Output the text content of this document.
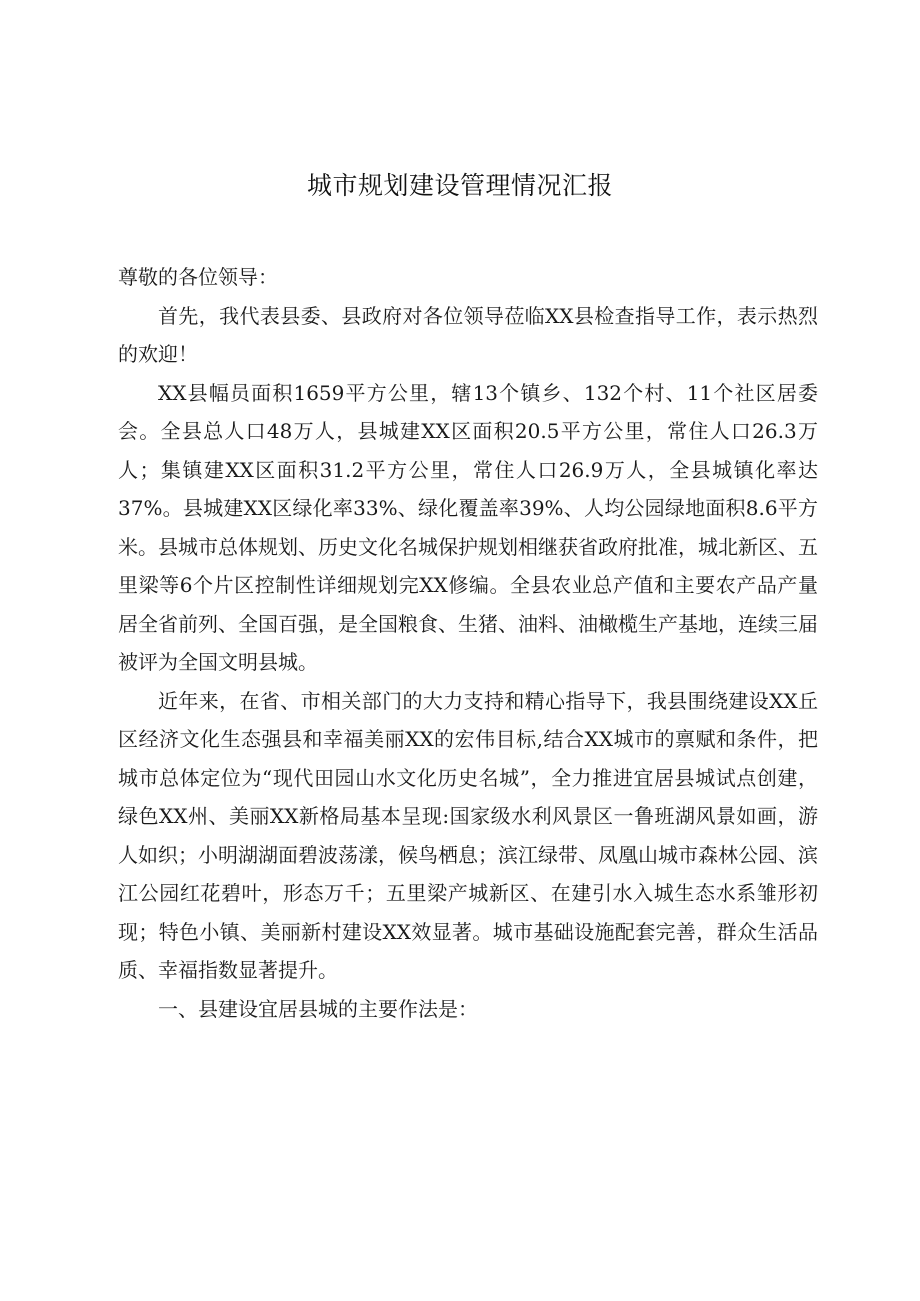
城市规划建设管理情况汇报

尊敬的各位领导：

首先，我代表县委、县政府对各位领导莅临XX县检查指导工作，表示热烈的欢迎！

XX县幅员面积1659平方公里，辖13个镇乡、132个村、11个社区居委会。全县总人口48万人，县城建XX区面积20.5平方公里，常住人口26.3万人；集镇建XX区面积31.2平方公里，常住人口26.9万人，全县城镇化率达37%。县城建XX区绿化率33%、绿化覆盖率39%、人均公园绿地面积8.6平方米。县城市总体规划、历史文化名城保护规划相继获省政府批准，城北新区、五里梁等6个片区控制性详细规划完XX修编。全县农业总产值和主要农产品产量居全省前列、全国百强，是全国粮食、生猪、油料、油橄榄生产基地，连续三届被评为全国文明县城。

近年来，在省、市相关部门的大力支持和精心指导下，我县围绕建设XX丘区经济文化生态强县和幸福美丽XX的宏伟目标,结合XX城市的禀赋和条件，把城市总体定位为“现代田园山水文化历史名城”，全力推进宜居县城试点创建，绿色XX州、美丽XX新格局基本呈现:国家级水利风景区一鲁班湖风景如画，游人如织；小明湖湖面碧波荡漾，候鸟栖息；滨江绿带、凤凰山城市森林公园、滨江公园红花碧叶，形态万千；五里梁产城新区、在建引水入城生态水系雏形初现；特色小镇、美丽新村建设XX效显著。城市基础设施配套完善，群众生活品质、幸福指数显著提升。

一、县建设宜居县城的主要作法是：
